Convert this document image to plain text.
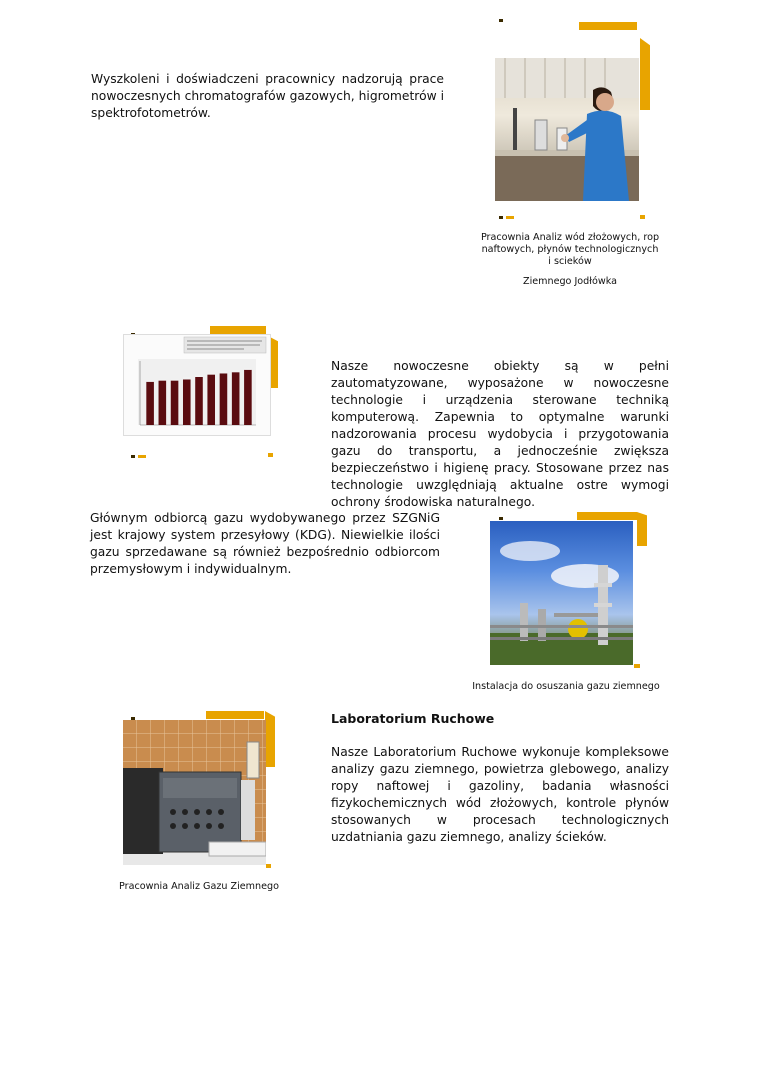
Wyszkoleni i doświadczeni pracownicy nadzorują prace nowoczesnych chromatografów gazowych, higrometrów i spektrofotometrów.

Pracownia Analiz wód złożowych, rop

naftowych, płynów technologicznych

i scieków

Ziemnego Jodłówka

Nasze nowoczesne obiekty są w pełni zautomatyzowane, wyposażone w nowoczesne technologie i urządzenia sterowane techniką komputerową. Zapewnia to optymalne warunki nadzorowania procesu wydobycia i przygotowania gazu do transportu, a jednocześnie zwiększa bezpieczeństwo i higienę pracy. Stosowane przez nas technologie uwzględniają aktualne ostre wymogi ochrony środowiska naturalnego.

Głównym odbiorcą gazu wydobywanego przez SZGNiG jest krajowy system przesyłowy (KDG). Niewielkie ilości gazu sprzedawane są również bezpośrednio odbiorcom przemysłowym i indywidualnym.

Instalacja do osuszania gazu ziemnego

Pracownia Analiz Gazu Ziemnego

Laboratorium Ruchowe

Nasze Laboratorium Ruchowe wykonuje kompleksowe analizy gazu ziemnego, powietrza glebowego, analizy ropy naftowej i gazoliny, badania własności fizykochemicznych wód złożowych, kontrole płynów stosowanych w procesach technologicznych uzdatniania gazu ziemnego, analizy ścieków.
